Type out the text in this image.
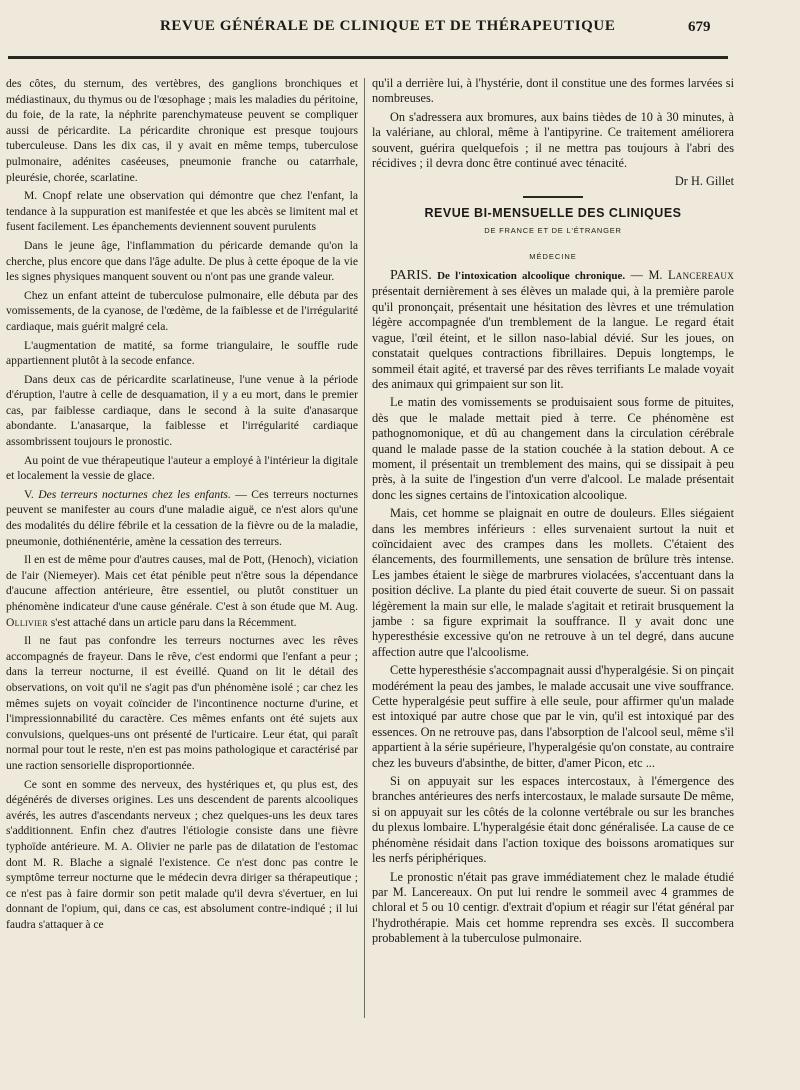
REVUE GÉNÉRALE DE CLINIQUE ET DE THÉRAPEUTIQUE	679

des côtes, du sternum, des vertèbres, des ganglions bronchiques et médiastinaux, du thymus ou de l'œsophage ; mais les maladies du péritoine, du foie, de la rate, la néphrite parenchymateuse peuvent se compliquer aussi de péricardite. La péricardite chronique est presque toujours tuberculeuse. Dans les dix cas, il y avait en même temps, tuberculose pulmonaire, adénites caséeuses, pneumonie franche ou catarrhale, pleurésie, chorée, scarlatine.

M. Cnopf relate une observation qui démontre que chez l'enfant, la tendance à la suppuration est manifestée et que les abcès se limitent mal et fusent facilement. Les épanchements deviennent souvent purulents

Dans le jeune âge, l'inflammation du péricarde demande qu'on la cherche, plus encore que dans l'âge adulte. De plus à cette époque de la vie les signes physiques manquent souvent ou n'ont pas une grande valeur.

Chez un enfant atteint de tuberculose pulmonaire, elle débuta par des vomissements, de la cyanose, de l'œdème, de la faiblesse et de l'irrégularité cardiaque, mais guérit malgré cela.

L'augmentation de matité, sa forme triangulaire, le souffle rude appartiennent plutôt à la secode enfance.

Dans deux cas de péricardite scarlatineuse, l'une venue à la période d'éruption, l'autre à celle de desquamation, il y a eu mort, dans le premier cas, par faiblesse cardiaque, dans le second à la suite d'anasarque abondante. L'anasarque, la faiblesse et l'irrégularité cardiaque assombrissent toujours le pronostic.

Au point de vue thérapeutique l'auteur a employé à l'intérieur la digitale et localement la vessie de glace.

V. Des terreurs nocturnes chez les enfants. — Ces terreurs nocturnes peuvent se manifester au cours d'une maladie aiguë, ce n'est alors qu'une des modalités du délire fébrile et la cessation de la fièvre ou de la maladie, pneumonie, dothiénentérie, amène la cessation des terreurs.

Il en est de même pour d'autres causes, mal de Pott, (Henoch), viciation de l'air (Niemeyer). Mais cet état pénible peut n'être sous la dépendance d'aucune affection antérieure, être essentiel, ou plutôt constituer un phénomène indicateur d'une cause générale. C'est à son étude que M. Aug. Ollivier s'est attaché dans un article paru dans la Récemment.

Il ne faut pas confondre les terreurs nocturnes avec les rêves accompagnés de frayeur. Dans le rêve, c'est endormi que l'enfant a peur ; dans la terreur nocturne, il est éveillé. Quand on lit le détail des observations, on voit qu'il ne s'agit pas d'un phénomène isolé ; car chez les mêmes sujets on voyait coïncider de l'incontinence nocturne d'urine, et l'impressionnabilité du caractère. Ces mêmes enfants ont été sujets aux convulsions, quelques-uns ont présenté de l'urticaire. Leur état, qui paraît normal pour tout le reste, n'en est pas moins pathologique et caractérisé par une raction sensorielle disproportionnée.

Ce sont en somme des nerveux, des hystériques et, qu plus est, des dégénérés de diverses origines. Les uns descendent de parents alcooliques avérés, les autres d'ascendants nerveux ; chez quelques-uns les deux tares s'additionnent. Enfin chez d'autres l'étiologie consiste dans une fièvre typhoïde antérieure. M. A. Olivier ne parle pas de dilatation de l'estomac dont M. R. Blache a signalé l'existence. Ce n'est donc pas contre le symptôme terreur nocturne que le médecin devra diriger sa thérapeutique ; ce n'est pas à faire dormir son petit malade qu'il devra s'évertuer, en lui donnant de l'opium, qui, dans ce cas, est absolument contre-indiqué ; il lui faudra s'attaquer à ce

qu'il a derrière lui, à l'hystérie, dont il constitue une des formes larvées si nombreuses.

On s'adressera aux bromures, aux bains tièdes de 10 à 30 minutes, à la valériane, au chloral, même à l'antipyrine. Ce traitement améliorera souvent, guérira quelquefois ; il ne mettra pas toujours à l'abri des récidives ; il devra donc être continué avec ténacité.

Dr H. Gillet
REVUE BI-MENSUELLE DES CLINIQUES
DE FRANCE ET DE L'ÉTRANGER
MÉDECINE

PARIS. De l'intoxication alcoolique chronique. — M. Lancereaux présentait dernièrement à ses élèves un malade qui, à la première parole qu'il prononçait, présentait une hésitation des lèvres et une trémulation légère accompagnée d'un tremblement de la langue. Le regard était vague, l'œil éteint, et le sillon naso-labial dévié. Sur les joues, on constatait quelques contractions fibrillaires. Depuis longtemps, le sommeil était agité, et traversé par des rêves terrifiants Le malade voyait des animaux qui grimpaient sur son lit.

Le matin des vomissements se produisaient sous forme de pituites, dès que le malade mettait pied à terre. Ce phénomène est pathognomonique, et dû au changement dans la circulation cérébrale quand le malade passe de la station couchée à la station debout. A ce moment, il présentait un tremblement des mains, qui se dissipait à peu près, à la suite de l'ingestion d'un verre d'alcool. Le malade présentait donc les signes certains de l'intoxication alcoolique.

Mais, cet homme se plaignait en outre de douleurs. Elles siégaient dans les membres inférieurs : elles survenaient surtout la nuit et coïncidaient avec des crampes dans les mollets. C'étaient des élancements, des fourmillements, une sensation de brûlure très intense. Les jambes étaient le siège de marbrures violacées, s'accentuant dans la position déclive. La plante du pied était couverte de sueur. Si on passait légèrement la main sur elle, le malade s'agitait et retirait brusquement la jambe : sa figure exprimait la souffrance. Il y avait donc une hyperesthésie excessive qu'on ne retrouve à un tel degré, dans aucune affection autre que l'alcoolisme.

Cette hyperesthésie s'accompagnait aussi d'hyperalgésie. Si on pinçait modérément la peau des jambes, le malade accusait une vive souffrance. Cette hyperalgésie peut suffire à elle seule, pour affirmer qu'un malade est intoxiqué par autre chose que par le vin, qu'il est intoxiqué par des essences. On ne retrouve pas, dans l'absorption de l'alcool seul, même s'il appartient à la série supérieure, l'hyperalgésie qu'on constate, au contraire chez les buveurs d'absinthe, de bitter, d'amer Picon, etc ...

Si on appuyait sur les espaces intercostaux, à l'émergence des branches antérieures des nerfs intercostaux, le malade sursaute De même, si on appuyait sur les côtés de la colonne vertébrale ou sur les branches du plexus lombaire. L'hyperalgésie était donc généralisée. La cause de ce phénomène résidait dans l'action toxique des boissons aromatiques sur les nerfs périphériques.

Le pronostic n'était pas grave immédiatement chez le malade étudié par M. Lancereaux. On put lui rendre le sommeil avec 4 grammes de chloral et 5 ou 10 centigr. d'extrait d'opium et réagir sur l'état général par l'hydrothérapie. Mais cet homme reprendra ses excès. Il succombera probablement à la tuberculose pulmonaire.
